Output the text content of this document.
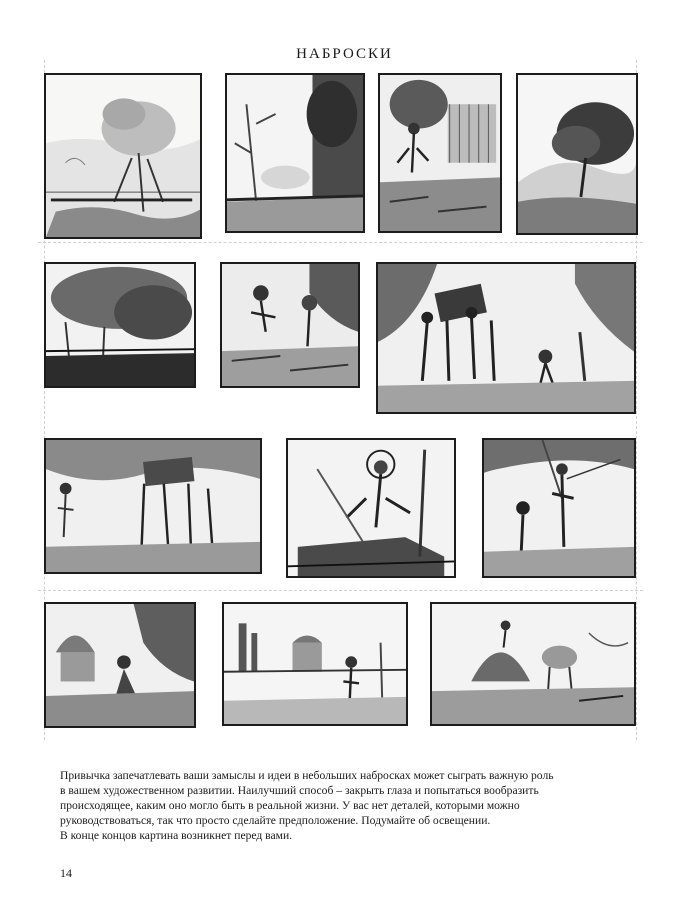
НАБРОСКИ

Привычка запечатлевать ваши замыслы и идеи в небольших набросках может сыграть важную роль
в вашем художественном развитии. Наилучший способ – закрыть глаза и попытаться вообразить
происходящее, каким оно могло быть в реальной жизни. У вас нет деталей, которыми можно
руководствоваться, так что просто сделайте предположение. Подумайте об освещении.
В конце концов картина возникнет перед вами.

14
